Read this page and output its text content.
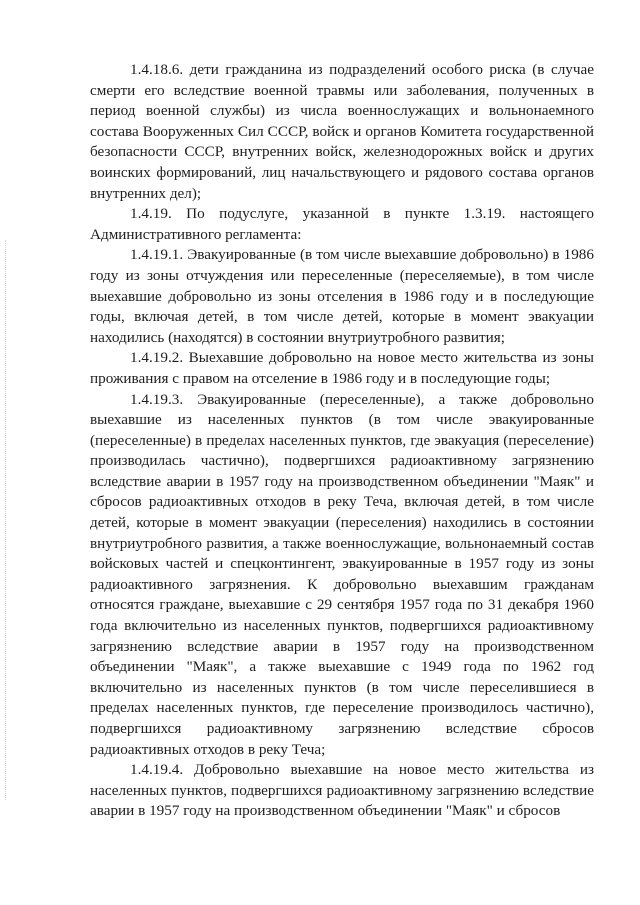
1.4.18.6. дети гражданина из подразделений особого риска (в случае смерти его вследствие военной травмы или заболевания, полученных в период военной службы) из числа военнослужащих и вольнонаемного состава Вооруженных Сил СССР, войск и органов Комитета государственной безопасности СССР, внутренних войск, железнодорожных войск и других воинских формирований, лиц начальствующего и рядового состава органов внутренних дел);

1.4.19. По подуслуге, указанной в пункте 1.3.19. настоящего Административного регламента:

1.4.19.1. Эвакуированные (в том числе выехавшие добровольно) в 1986 году из зоны отчуждения или переселенные (переселяемые), в том числе выехавшие добровольно из зоны отселения в 1986 году и в последующие годы, включая детей, в том числе детей, которые в момент эвакуации находились (находятся) в состоянии внутриутробного развития;

1.4.19.2. Выехавшие добровольно на новое место жительства из зоны проживания с правом на отселение в 1986 году и в последующие годы;

1.4.19.3. Эвакуированные (переселенные), а также добровольно выехавшие из населенных пунктов (в том числе эвакуированные (переселенные) в пределах населенных пунктов, где эвакуация (переселение) производилась частично), подвергшихся радиоактивному загрязнению вследствие аварии в 1957 году на производственном объединении "Маяк" и сбросов радиоактивных отходов в реку Теча, включая детей, в том числе детей, которые в момент эвакуации (переселения) находились в состоянии внутриутробного развития, а также военнослужащие, вольнонаемный состав войсковых частей и спецконтингент, эвакуированные в 1957 году из зоны радиоактивного загрязнения. К добровольно выехавшим гражданам относятся граждане, выехавшие с 29 сентября 1957 года по 31 декабря 1960 года включительно из населенных пунктов, подвергшихся радиоактивному загрязнению вследствие аварии в 1957 году на производственном объединении "Маяк", а также выехавшие с 1949 года по 1962 год включительно из населенных пунктов (в том числе переселившиеся в пределах населенных пунктов, где переселение производилось частично), подвергшихся радиоактивному загрязнению вследствие сбросов радиоактивных отходов в реку Теча;

1.4.19.4. Добровольно выехавшие на новое место жительства из населенных пунктов, подвергшихся радиоактивному загрязнению вследствие аварии в 1957 году на производственном объединении "Маяк" и сбросов
